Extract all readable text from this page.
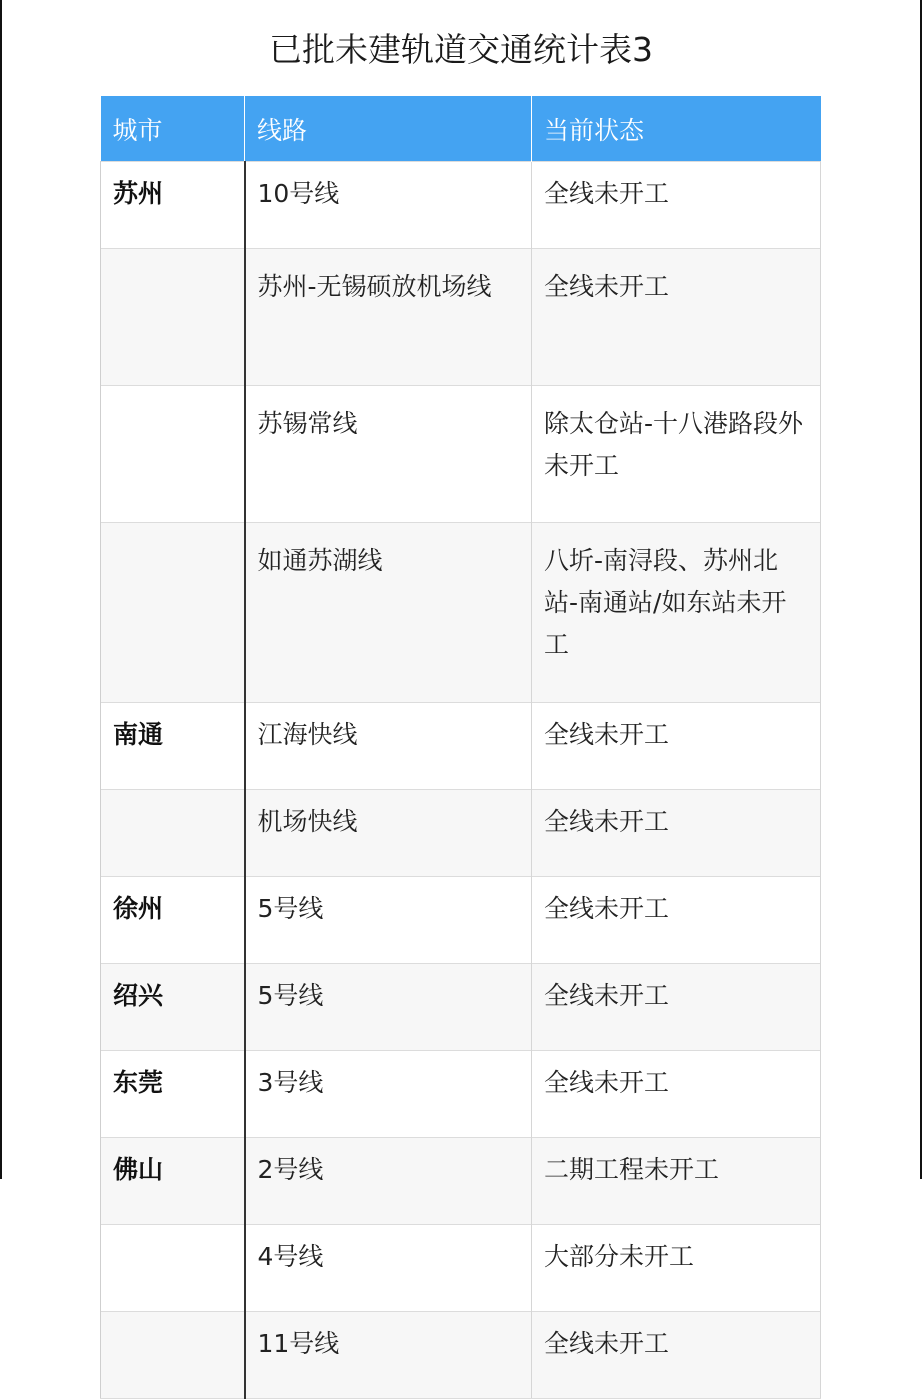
已批未建轨道交通统计表3
城市	线路	当前状态
苏州	10号线	全线未开工
	苏州-无锡硕放机场线	全线未开工
	苏锡常线	除太仓站-十八港路段外未开工
	如通苏湖线	八圻-南浔段、苏州北站-南通站/如东站未开工
南通	江海快线	全线未开工
	机场快线	全线未开工
徐州	5号线	全线未开工
绍兴	5号线	全线未开工
东莞	3号线	全线未开工
佛山	2号线	二期工程未开工
	4号线	大部分未开工
	11号线	全线未开工
